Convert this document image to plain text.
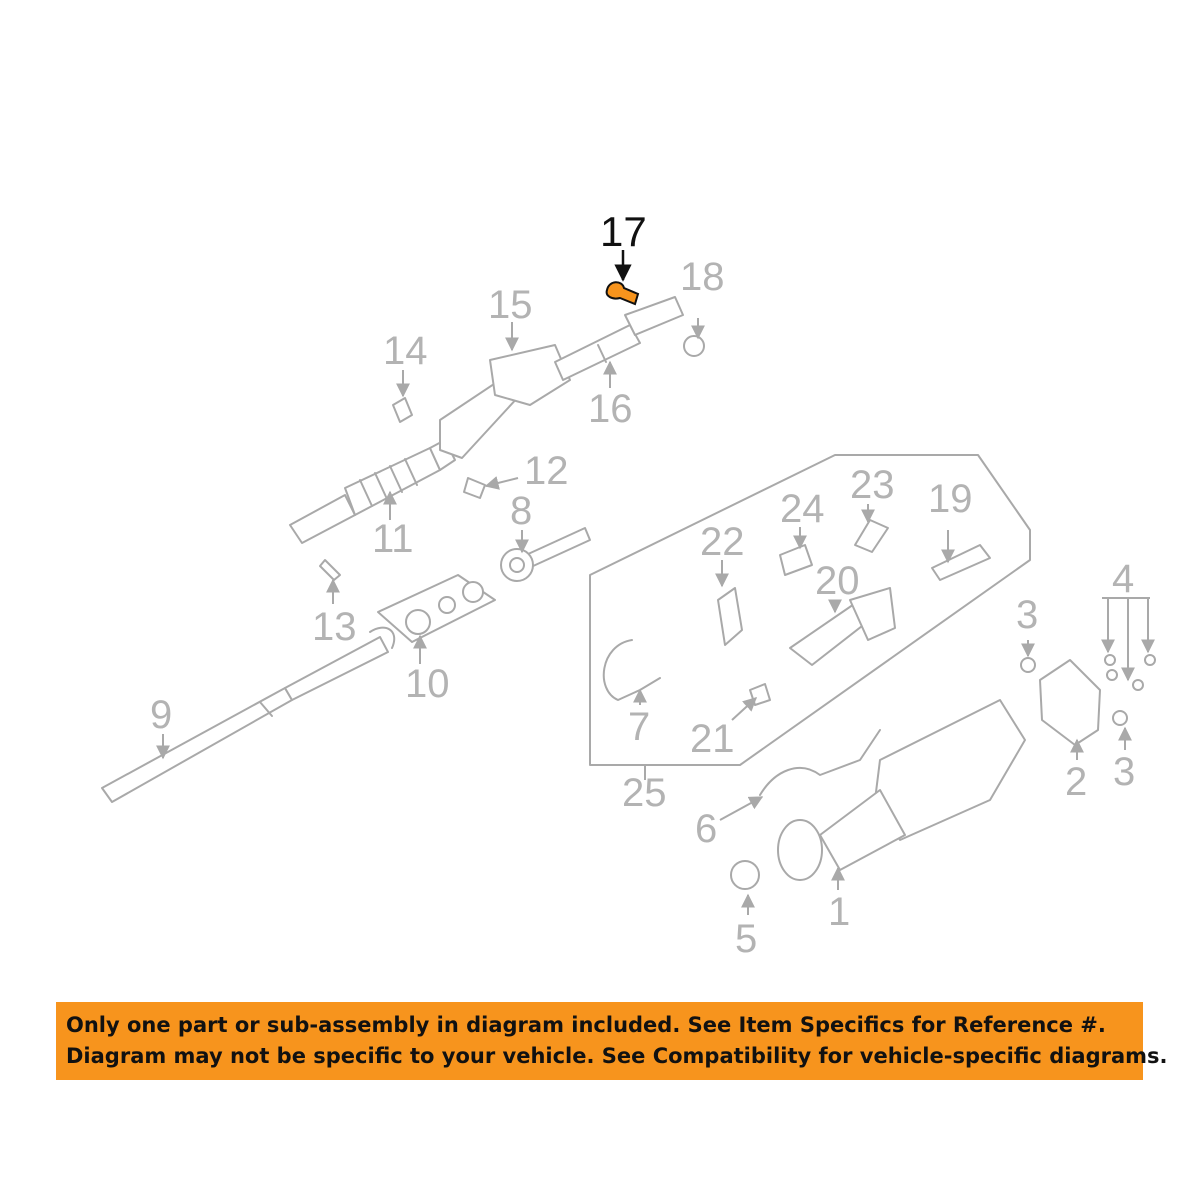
17
18
15
14
16
12
11
8
13
10
9
23
24	19
22
20	4
3
7 21
2 3
25
6
1
5
Only one part or sub-assembly in diagram included. See Item Specifics for Reference #.
Diagram may not be specific to your vehicle. See Compatibility for vehicle-specific diagrams.
